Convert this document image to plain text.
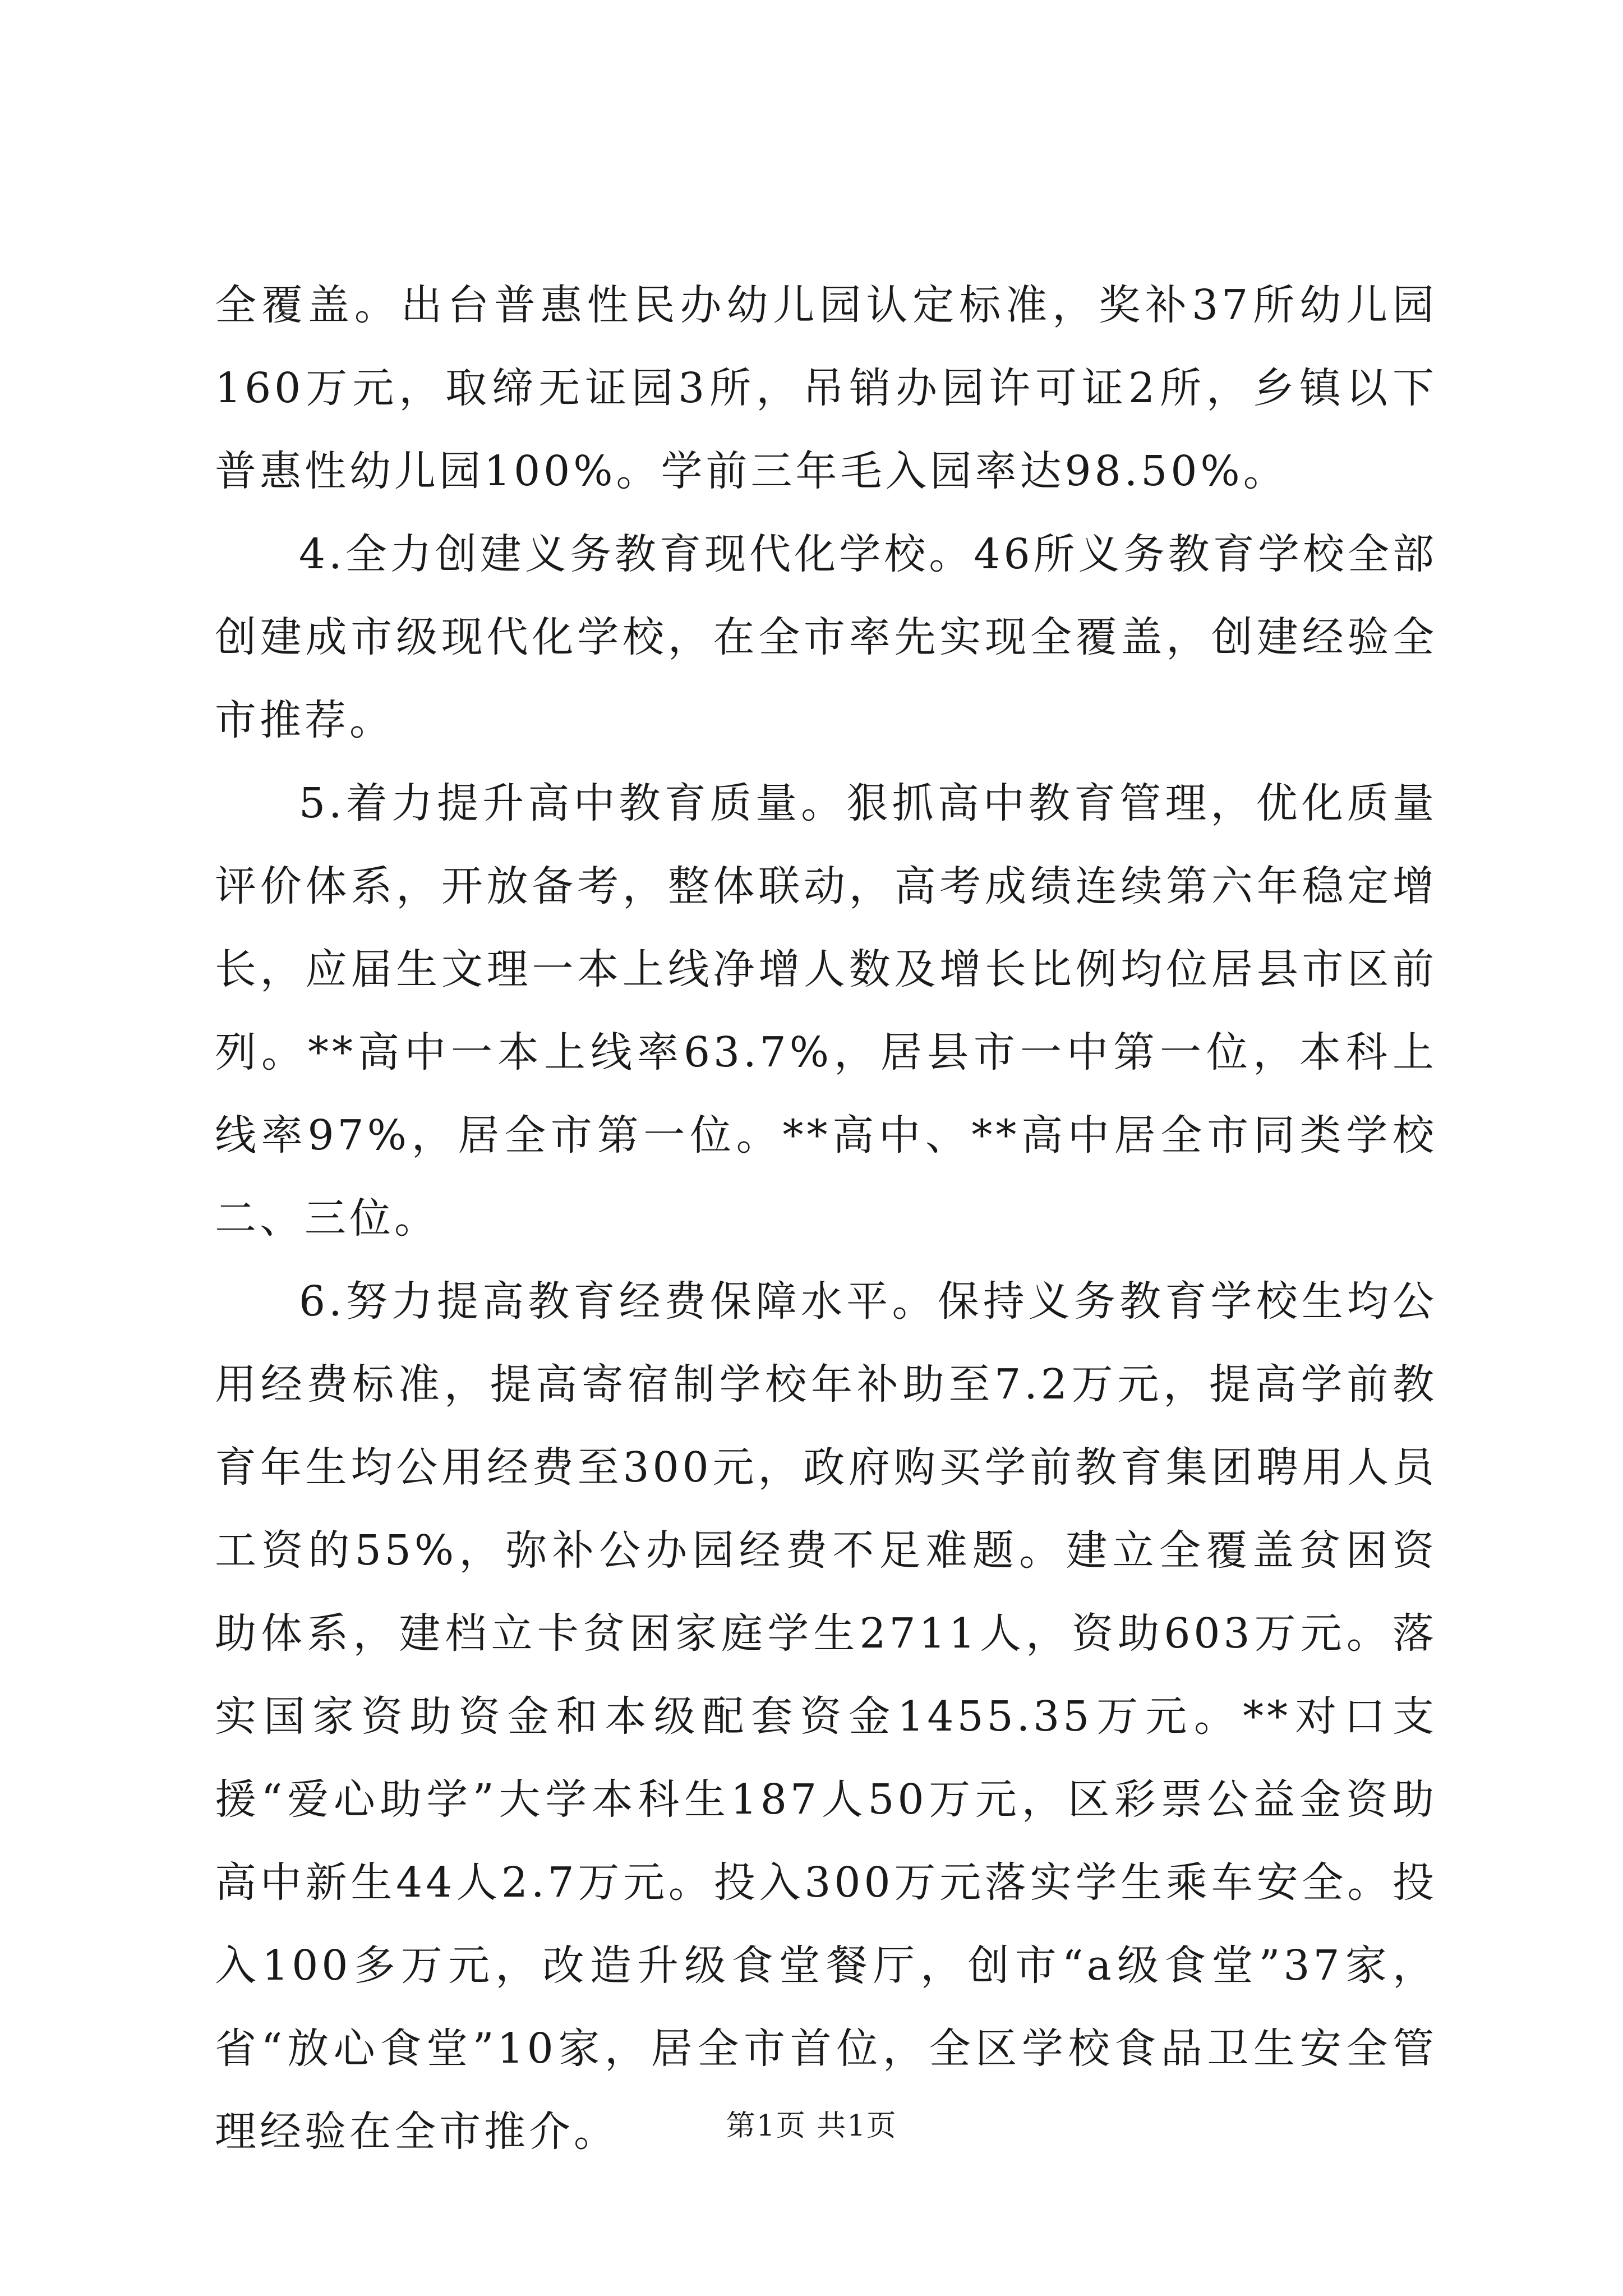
全覆盖。出台普惠性民办幼儿园认定标准，奖补37所幼儿园160万元，取缔无证园3所，吊销办园许可证2所，乡镇以下普惠性幼儿园100%。学前三年毛入园率达98.50%。

4.全力创建义务教育现代化学校。46所义务教育学校全部创建成市级现代化学校，在全市率先实现全覆盖，创建经验全市推荐。

5.着力提升高中教育质量。狠抓高中教育管理，优化质量评价体系，开放备考，整体联动，高考成绩连续第六年稳定增长，应届生文理一本上线净增人数及增长比例均位居县市区前列。**高中一本上线率63.7%，居县市一中第一位，本科上线率97%，居全市第一位。**高中、**高中居全市同类学校二、三位。

6.努力提高教育经费保障水平。保持义务教育学校生均公用经费标准，提高寄宿制学校年补助至7.2万元，提高学前教育年生均公用经费至300元，政府购买学前教育集团聘用人员工资的55%，弥补公办园经费不足难题。建立全覆盖贫困资助体系，建档立卡贫困家庭学生2711人，资助603万元。落实国家资助资金和本级配套资金1455.35万元。**对口支援“爱心助学”大学本科生187人50万元，区彩票公益金资助高中新生44人2.7万元。投入300万元落实学生乘车安全。投入100多万元，改造升级食堂餐厅，创市“a级食堂”37家，省“放心食堂”10家，居全市首位，全区学校食品卫生安全管理经验在全市推介。	第1页 共1页
